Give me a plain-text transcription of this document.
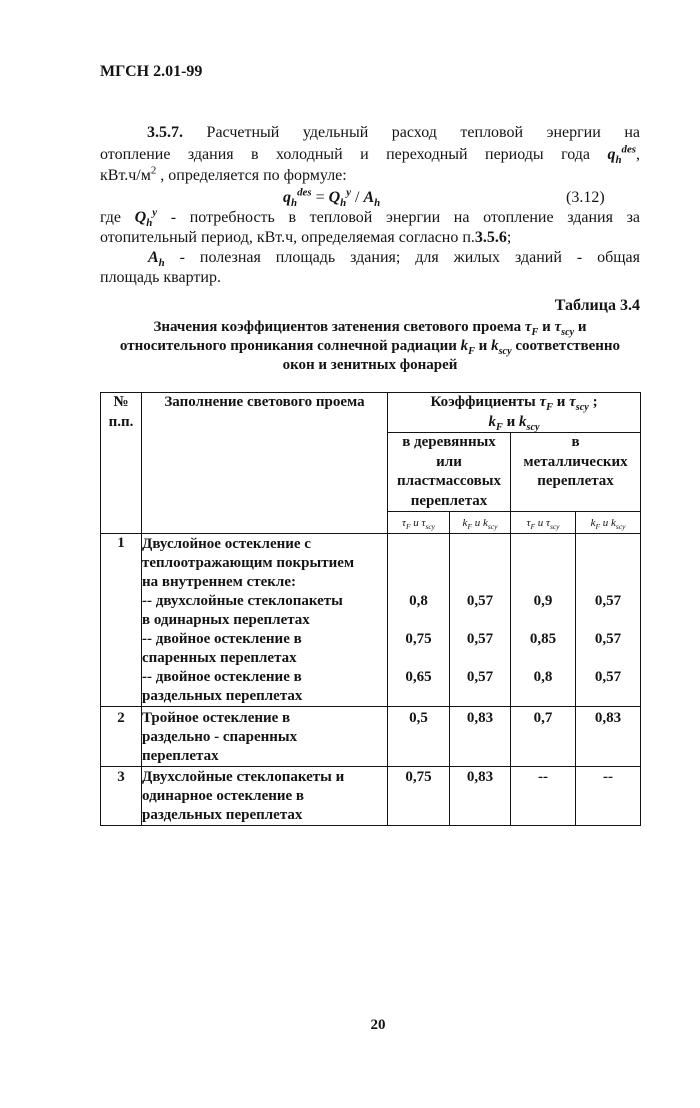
МГСН 2.01-99
3.5.7. Расчетный удельный расход тепловой энергии на
отопление здания в холодный и переходный периоды года $q_h^{des}$,
$кВт.ч/м^2$ , определяется по формуле:
$q_h^{des} = Q_h^y / A_h$	(3.12)
где $Q_h^y$ - потребность в тепловой энергии на отопление здания за
отопительный период, кВт.ч, определяемая согласно п.3.5.6;
$A_h$ - полезная площадь здания; для жилых зданий - общая
площадь квартир.
Таблица 3.4
Значения коэффициентов затенения светового проема $\tau_F$ и $\tau_{scy}$ и
относительного проникания солнечной радиации $k_F$ и $k_{scy}$ соответственно
окон и зенитных фонарей
№
п.п.	Заполнение светового проема	Коэффициенты $\tau_F$ и $\tau_{scy}$ ;
$k_F$ и $k_{scy}$

		в деревянных
или
пластмассовых
переплетах		в
металлических
переплетах	

		$\tau_F$ и $\tau_{scy}$	$k_F$ и $k_{scy}$	$\tau_F$ и $\tau_{scy}$	$k_F$ и $k_{scy}$
1	Двуслойное остекление с
теплоотражающим покрытием
на внутреннем стекле:				

	-- двухслойные стеклопакеты
в одинарных переплетах	0,8	0,57	0,9	0,57

	-- двойное остекление в
спаренных переплетах	0,75	0,57	0,85	0,57

	-- двойное остекление в
раздельных переплетах	0,65	0,57	0,8	0,57
2	Тройное остекление в
раздельно - спаренных
переплетах	0,5	0,83	0,7	0,83
3	Двухслойные стеклопакеты и
одинарное остекление в
раздельных переплетах	0,75	0,83	--	--
20
